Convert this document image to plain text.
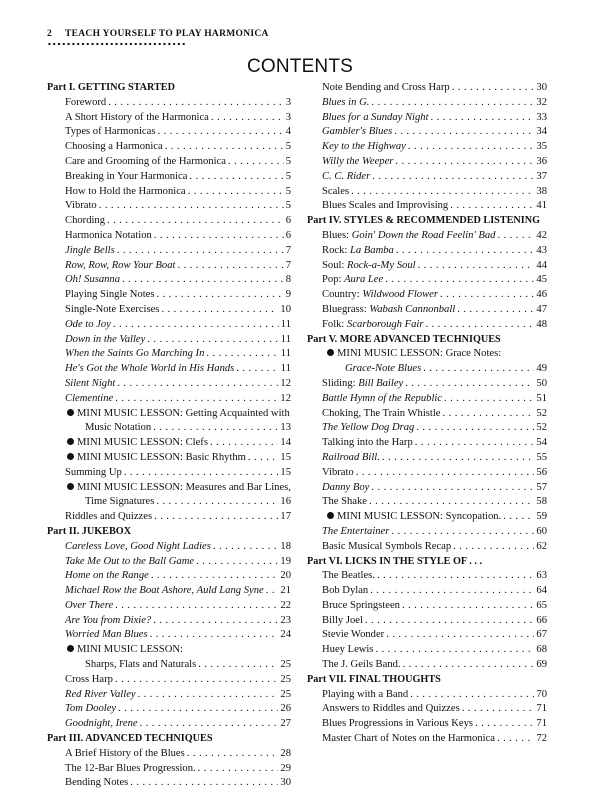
2 TEACH YOURSELF TO PLAY HARMONICA
CONTENTS
Part I. GETTING STARTED
Foreword . . .	3
A Short History of the Harmonica . . .	3
Types of Harmonicas . . .	4
Choosing a Harmonica . . .	5
Care and Grooming of the Harmonica . . .	5
Breaking in Your Harmonica . . .	5
How to Hold the Harmonica . . .	5
Vibrato . . .	5
Chording . . .	6
Harmonica Notation . . .	6
Jingle Bells . . .	7
Row, Row, Row Your Boat . . .	7
Oh! Susanna . . .	8
Playing Single Notes . . .	9
Single-Note Exercises . . .	10
Ode to Joy . . .	11
Down in the Valley . . .	11
When the Saints Go Marching In . . .	11
He's Got the Whole World in His Hands . . .	11
Silent Night . . .	12
Clementine . . .	12
MINI MUSIC LESSON: Getting Acquainted with
Music Notation . . .	13
MINI MUSIC LESSON: Clefs . . .	14
MINI MUSIC LESSON: Basic Rhythm . . .	15
Summing Up . . .	15
MINI MUSIC LESSON: Measures and Bar Lines,
Time Signatures . . .	16
Riddles and Quizzes . . .	17
Part II. JUKEBOX
Careless Love, Good Night Ladies . . .	18
Take Me Out to the Ball Game . . .	19
Home on the Range . . .	20
Michael Row the Boat Ashore, Auld Lang Syne . . . 21
Over There . . .	22
Are You from Dixie? . . .	23
Worried Man Blues . . .	24
MINI MUSIC LESSON:
Sharps, Flats and Naturals . . .	25
Cross Harp . . .	25
Red River Valley . . .	25
Tom Dooley . . .	26
Goodnight, Irene . . .	27
Part III. ADVANCED TECHNIQUES
A Brief History of the Blues . . .	28
The 12-Bar Blues Progression. . . .	29
Bending Notes . . .	30
Note Bending and Cross Harp . . .	30
Blues in G. . . .	32
Blues for a Sunday Night . . .	33
Gambler's Blues . . .	34
Key to the Highway . . .	35
Willy the Weeper . . .	36
C. C. Rider . . .	37
Scales . . .	38
Blues Scales and Improvising . . .	41
Part IV. STYLES & RECOMMENDED LISTENING
Blues: Goin' Down the Road Feelin' Bad . . .	42
Rock: La Bamba . . .	43
Soul: Rock-a-My Soul . . .	44
Pop: Aura Lee . . .	45
Country: Wildwood Flower . . .	46
Bluegrass: Wabash Cannonball . . .	47
Folk: Scarborough Fair . . .	48
Part V. MORE ADVANCED TECHNIQUES
MINI MUSIC LESSON: Grace Notes:
Grace-Note Blues . . .	49
Sliding: Bill Bailey . . .	50
Battle Hymn of the Republic . . .	51
Choking, The Train Whistle . . .	52
The Yellow Dog Drag . . .	52
Talking into the Harp . . .	54
Railroad Bill. . . .	55
Vibrato . . .	56
Danny Boy . . .	57
The Shake . . .	58
MINI MUSIC LESSON: Syncopation. . . .	59
The Entertainer . . .	60
Basic Musical Symbols Recap . . .	62
Part VI. LICKS IN THE STYLE OF . . .
The Beatles. . . .	63
Bob Dylan . . .	64
Bruce Springsteen . . .	65
Billy Joel . . .	66
Stevie Wonder . . .	67
Huey Lewis . . .	68
The J. Geils Band. . . .	69
Part VII. FINAL THOUGHTS
Playing with a Band . . .	70
Answers to Riddles and Quizzes . . .	71
Blues Progressions in Various Keys . . .	71
Master Chart of Notes on the Harmonica . . .	72
